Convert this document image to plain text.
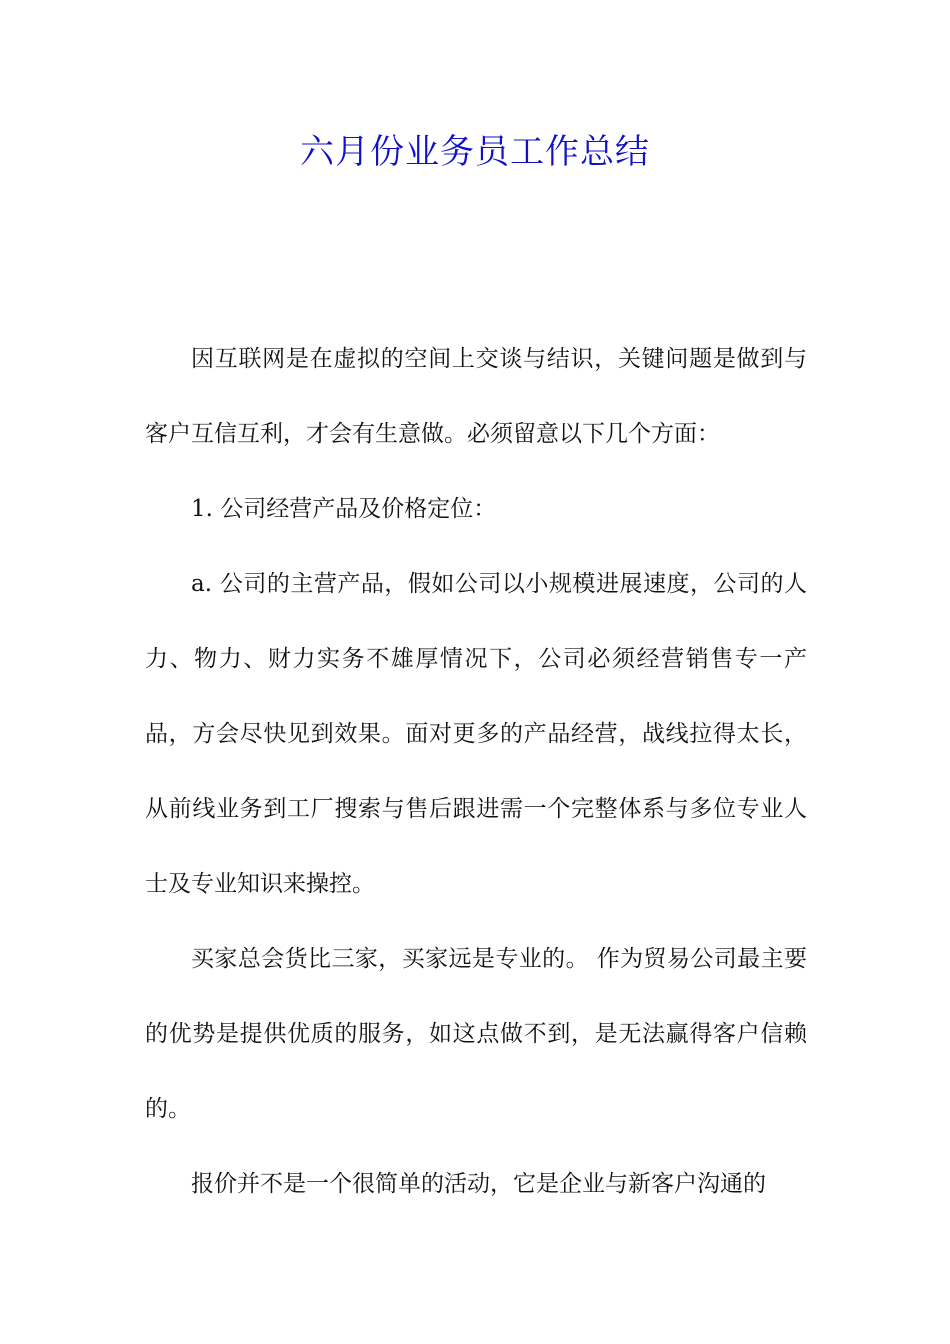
六月份业务员工作总结

因互联网是在虚拟的空间上交谈与结识，关键问题是做到与客户互信互利，才会有生意做。必须留意以下几个方面：

1. 公司经营产品及价格定位：

a. 公司的主营产品，假如公司以小规模进展速度，公司的人力、物力、财力实务不雄厚情况下，公司必须经营销售专一产品，方会尽快见到效果。面对更多的产品经营，战线拉得太长，从前线业务到工厂搜索与售后跟进需一个完整体系与多位专业人士及专业知识来操控。

买家总会货比三家，买家远是专业的。 作为贸易公司最主要的优势是提供优质的服务，如这点做不到，是无法赢得客户信赖的。

报价并不是一个很简单的活动，它是企业与新客户沟通的
